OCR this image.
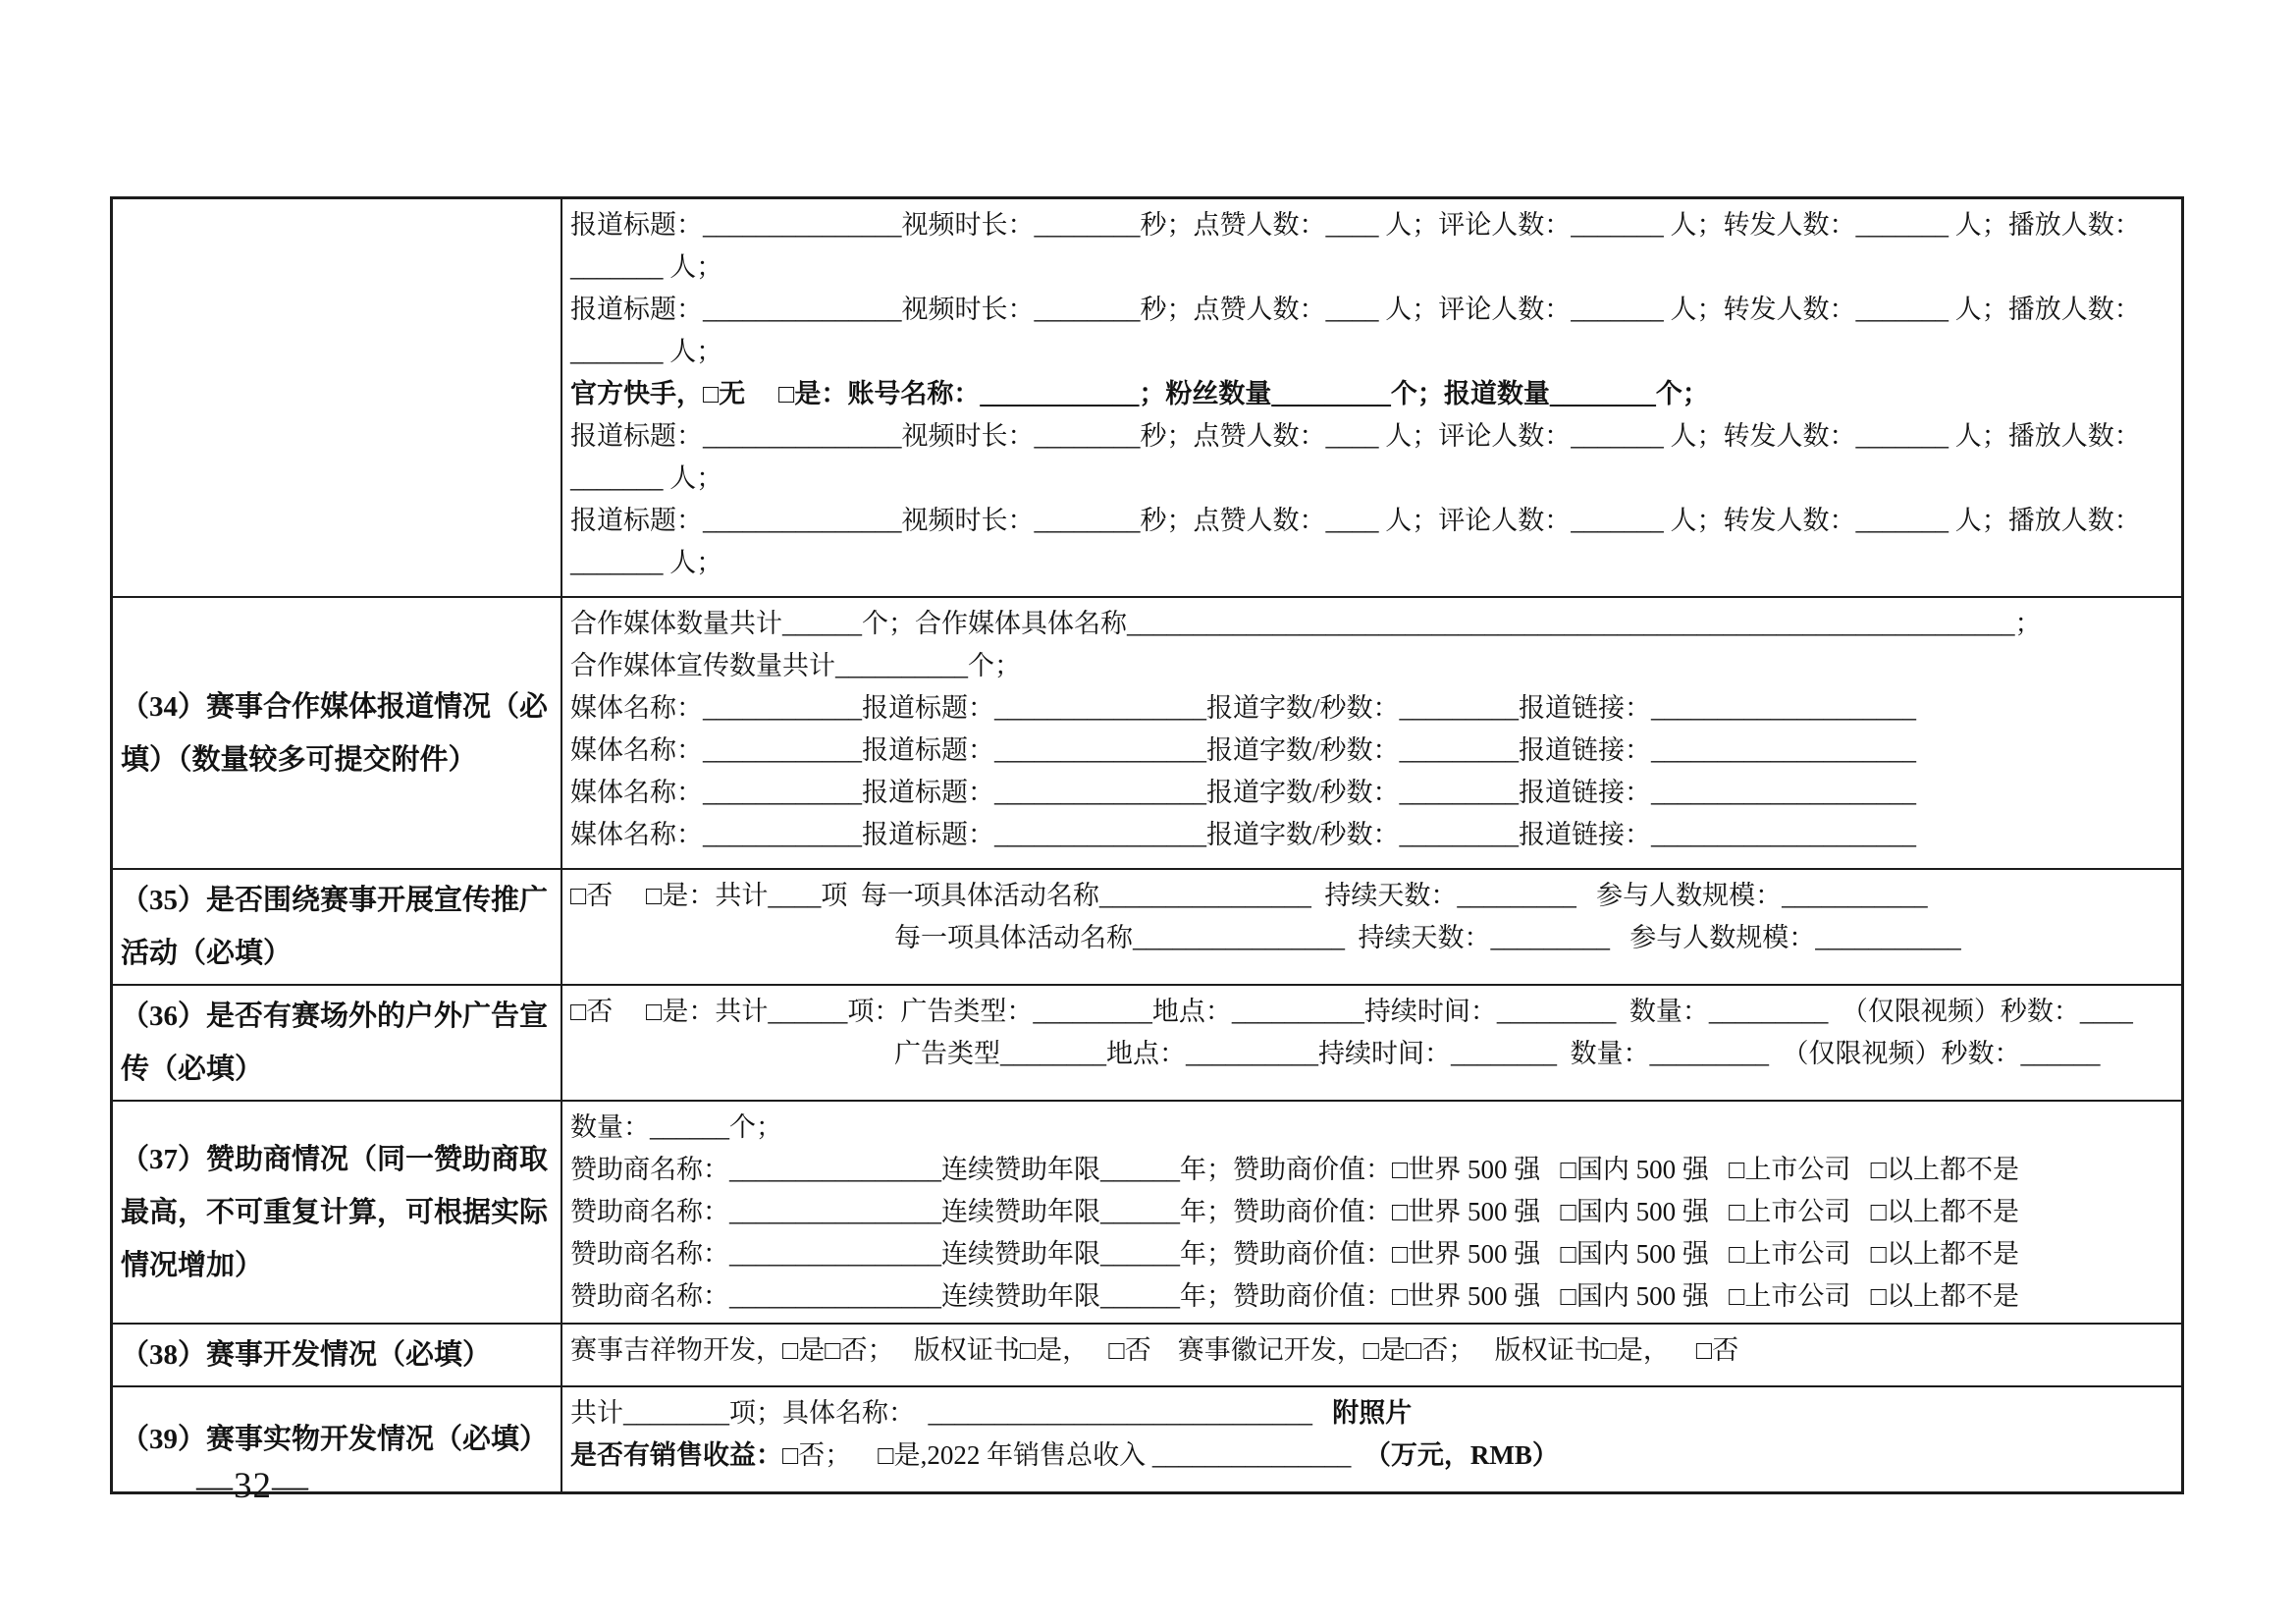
报道标题：_______________视频时长：________秒；点赞人数：____ 人；评论人数：_______ 人；转发人数：_______ 人；播放人数：_______ 人；
报道标题：_______________视频时长：________秒；点赞人数：____ 人；评论人数：_______ 人；转发人数：_______ 人；播放人数：_______ 人；
官方快手，□无     □是：账号名称：____________；粉丝数量_________个；报道数量________个；
报道标题：_______________视频时长：________秒；点赞人数：____ 人；评论人数：_______ 人；转发人数：_______ 人；播放人数：_______ 人；
报道标题：_______________视频时长：________秒；点赞人数：____ 人；评论人数：_______ 人；转发人数：_______ 人；播放人数：_______ 人；
（34）赛事合作媒体报道情况（必填）（数量较多可提交附件）
合作媒体数量共计______个；合作媒体具体名称___________________________________________________________________；
合作媒体宣传数量共计__________个；
媒体名称：____________报道标题：________________报道字数/秒数：_________报道链接：____________________
媒体名称：____________报道标题：________________报道字数/秒数：_________报道链接：____________________
媒体名称：____________报道标题：________________报道字数/秒数：_________报道链接：____________________
媒体名称：____________报道标题：________________报道字数/秒数：_________报道链接：____________________
（35）是否围绕赛事开展宣传推广活动（必填）
□否     □是：共计____项  每一项具体活动名称________________  持续天数：_________   参与人数规模：___________
每一项具体活动名称________________  持续天数：_________   参与人数规模：___________
（36）是否有赛场外的户外广告宣传（必填）
□否     □是：共计______项：广告类型：_________地点：__________持续时间：_________  数量：_________  （仅限视频）秒数：____
广告类型________地点：__________持续时间：________  数量：_________  （仅限视频）秒数：______
（37）赞助商情况（同一赞助商取最高，不可重复计算，可根据实际情况增加）
数量：______个；
赞助商名称：________________连续赞助年限______年；赞助商价值：□世界 500 强   □国内 500 强   □上市公司   □以上都不是
赞助商名称：________________连续赞助年限______年；赞助商价值：□世界 500 强   □国内 500 强   □上市公司   □以上都不是
赞助商名称：________________连续赞助年限______年；赞助商价值：□世界 500 强   □国内 500 强   □上市公司   □以上都不是
赞助商名称：________________连续赞助年限______年；赞助商价值：□世界 500 强   □国内 500 强   □上市公司   □以上都不是
（38）赛事开发情况（必填）	赛事吉祥物开发，□是□否；   版权证书□是，   □否    赛事徽记开发，□是□否；   版权证书□是，    □否
（39）赛事实物开发情况（必填）
共计________项；具体名称：  _____________________________   附照片
是否有销售收益：□否；    □是,2022 年销售总收入 _______________  （万元，RMB）
—32—
